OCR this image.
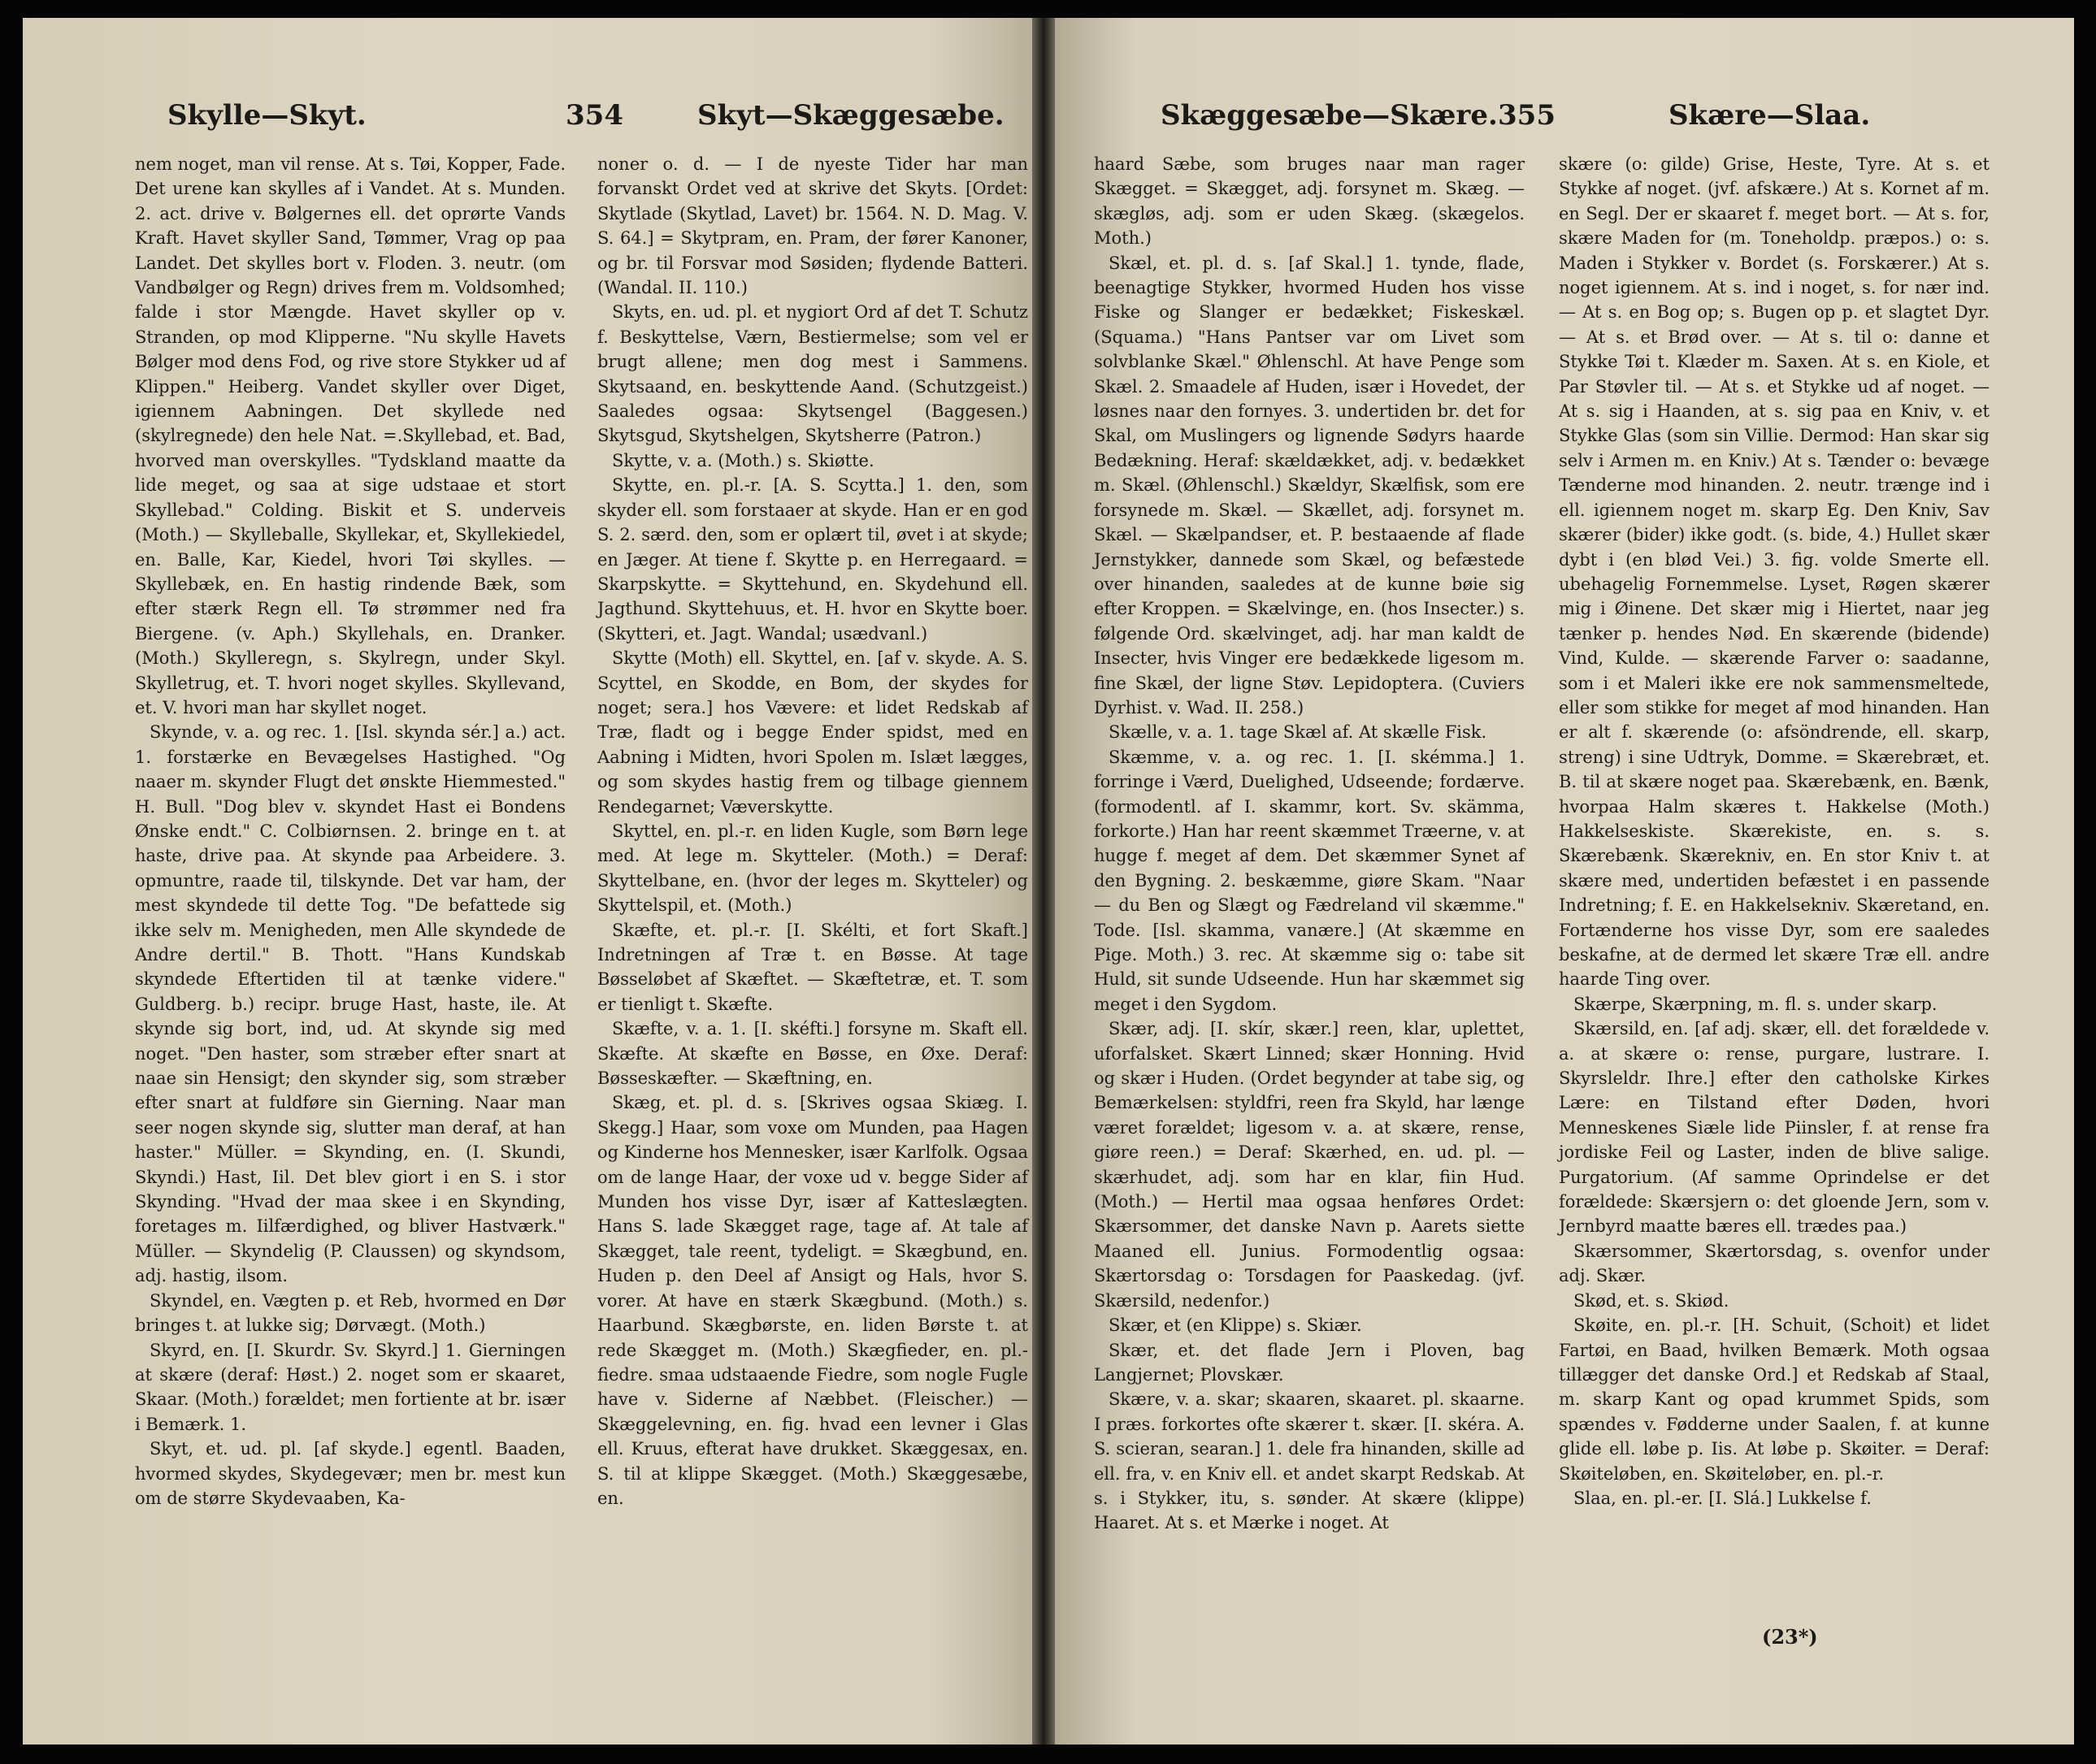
Skylle—Skyt.	354	Skyt—Skæggesæbe.

nem noget, man vil rense. At s. Tøi, Kopper, Fade. Det urene kan skylles af i Vandet. At s. Munden. 2. act. drive v. Bølgernes ell. det oprørte Vands Kraft. Havet skyller Sand, Tømmer, Vrag op paa Landet. Det skylles bort v. Floden. 3. neutr. (om Vandbølger og Regn) drives frem m. Voldsomhed; falde i stor Mængde. Havet skyller op v. Stranden, op mod Klipperne. "Nu skylle Havets Bølger mod dens Fod, og rive store Stykker ud af Klippen." Heiberg. Vandet skyller over Diget, igiennem Aabningen. Det skyllede ned (skylregnede) den hele Nat. =.Skyllebad, et. Bad, hvorved man overskylles. "Tydskland maatte da lide meget, og saa at sige udstaae et stort Skyllebad." Colding. Biskit et S. underveis (Moth.) — Skylleballe, Skyllekar, et, Skyllekiedel, en. Balle, Kar, Kiedel, hvori Tøi skylles. — Skyllebæk, en. En hastig rindende Bæk, som efter stærk Regn ell. Tø strømmer ned fra Biergene. (v. Aph.) Skyllehals, en. Dranker. (Moth.) Skylleregn, s. Skylregn, under Skyl. Skylletrug, et. T. hvori noget skylles. Skyllevand, et. V. hvori man har skyllet noget.

Skynde, v. a. og rec. 1. [Isl. skynda sér.] a.) act. 1. forstærke en Bevægelses Hastighed. "Og naaer m. skynder Flugt det ønskte Hiemmested." H. Bull. "Dog blev v. skyndet Hast ei Bondens Ønske endt." C. Colbiørnsen. 2. bringe en t. at haste, drive paa. At skynde paa Arbeidere. 3. opmuntre, raade til, tilskynde. Det var ham, der mest skyndede til dette Tog. "De befattede sig ikke selv m. Menigheden, men Alle skyndede de Andre dertil." B. Thott. "Hans Kundskab skyndede Eftertiden til at tænke videre." Guldberg. b.) recipr. bruge Hast, haste, ile. At skynde sig bort, ind, ud. At skynde sig med noget. "Den haster, som stræber efter snart at naae sin Hensigt; den skynder sig, som stræber efter snart at fuldføre sin Gierning. Naar man seer nogen skynde sig, slutter man deraf, at han haster." Müller. = Skynding, en. (I. Skundi, Skyndi.) Hast, Iil. Det blev giort i en S. i stor Skynding. "Hvad der maa skee i en Skynding, foretages m. Iilfærdighed, og bliver Hastværk." Müller. — Skyndelig (P. Claussen) og skyndsom, adj. hastig, ilsom.

Skyndel, en. Vægten p. et Reb, hvormed en Dør bringes t. at lukke sig; Dørvægt. (Moth.)

Skyrd, en. [I. Skurdr. Sv. Skyrd.] 1. Gierningen at skære (deraf: Høst.) 2. noget som er skaaret, Skaar. (Moth.) forældet; men fortiente at br. især i Bemærk. 1.

Skyt, et. ud. pl. [af skyde.] egentl. Baaden, hvormed skydes, Skydegevær; men br. mest kun om de større Skydevaaben, Ka-

noner o. d. — I de nyeste Tider har man forvanskt Ordet ved at skrive det Skyts. [Ordet: Skytlade (Skytlad, Lavet) br. 1564. N. D. Mag. V. S. 64.] = Skytpram, en. Pram, der fører Kanoner, og br. til Forsvar mod Søsiden; flydende Batteri. (Wandal. II. 110.)

Skyts, en. ud. pl. et nygiort Ord af det T. Schutz f. Beskyttelse, Værn, Bestiermelse; som vel er brugt allene; men dog mest i Sammens. Skytsaand, en. beskyttende Aand. (Schutzgeist.) Saaledes ogsaa: Skytsengel (Baggesen.) Skytsgud, Skytshelgen, Skytsherre (Patron.)

Skytte, v. a. (Moth.) s. Skiøtte.

Skytte, en. pl.-r. [A. S. Scytta.] 1. den, som skyder ell. som forstaaer at skyde. Han er en god S. 2. særd. den, som er oplært til, øvet i at skyde; en Jæger. At tiene f. Skytte p. en Herregaard. = Skarpskytte. = Skyttehund, en. Skydehund ell. Jagthund. Skyttehuus, et. H. hvor en Skytte boer. (Skytteri, et. Jagt. Wandal; usædvanl.)

Skytte (Moth) ell. Skyttel, en. [af v. skyde. A. S. Scyttel, en Skodde, en Bom, der skydes for noget; sera.] hos Vævere: et lidet Redskab af Træ, fladt og i begge Ender spidst, med en Aabning i Midten, hvori Spolen m. Islæt lægges, og som skydes hastig frem og tilbage giennem Rendegarnet; Væverskytte.

Skyttel, en. pl.-r. en liden Kugle, som Børn lege med. At lege m. Skytteler. (Moth.) = Deraf: Skyttelbane, en. (hvor der leges m. Skytteler) og Skyttelspil, et. (Moth.)

Skæfte, et. pl.-r. [I. Skélti, et fort Skaft.] Indretningen af Træ t. en Bøsse. At tage Bøsseløbet af Skæftet. — Skæftetræ, et. T. som er tienligt t. Skæfte.

Skæfte, v. a. 1. [I. skéfti.] forsyne m. Skaft ell. Skæfte. At skæfte en Bøsse, en Øxe. Deraf: Bøsseskæfter. — Skæftning, en.

Skæg, et. pl. d. s. [Skrives ogsaa Skiæg. I. Skegg.] Haar, som voxe om Munden, paa Hagen og Kinderne hos Mennesker, især Karlfolk. Ogsaa om de lange Haar, der voxe ud v. begge Sider af Munden hos visse Dyr, især af Katteslægten. Hans S. lade Skægget rage, tage af. At tale af Skægget, tale reent, tydeligt. = Skægbund, en. Huden p. den Deel af Ansigt og Hals, hvor S. vorer. At have en stærk Skægbund. (Moth.) s. Haarbund. Skægbørste, en. liden Børste t. at rede Skægget m. (Moth.) Skægfieder, en. pl.-fiedre. smaa udstaaende Fiedre, som nogle Fugle have v. Siderne af Næbbet. (Fleischer.) — Skæggelevning, en. fig. hvad een levner i Glas ell. Kruus, efterat have drukket. Skæggesax, en. S. til at klippe Skægget. (Moth.) Skæggesæbe, en.

Skæggesæbe—Skære. 355	Skære—Slaa.

haard Sæbe, som bruges naar man rager Skægget. = Skægget, adj. forsynet m. Skæg. — skægløs, adj. som er uden Skæg. (skægelos. Moth.)

Skæl, et. pl. d. s. [af Skal.] 1. tynde, flade, beenagtige Stykker, hvormed Huden hos visse Fiske og Slanger er bedækket; Fiskeskæl. (Squama.) "Hans Pantser var om Livet som solvblanke Skæl." Øhlenschl. At have Penge som Skæl. 2. Smaadele af Huden, især i Hovedet, der løsnes naar den fornyes. 3. undertiden br. det for Skal, om Muslingers og lignende Sødyrs haarde Bedækning. Heraf: skældækket, adj. v. bedækket m. Skæl. (Øhlenschl.) Skældyr, Skælfisk, som ere forsynede m. Skæl. — Skællet, adj. forsynet m. Skæl. — Skælpandser, et. P. bestaaende af flade Jernstykker, dannede som Skæl, og befæstede over hinanden, saaledes at de kunne bøie sig efter Kroppen. = Skælvinge, en. (hos Insecter.) s. følgende Ord. skælvinget, adj. har man kaldt de Insecter, hvis Vinger ere bedækkede ligesom m. fine Skæl, der ligne Støv. Lepidoptera. (Cuviers Dyrhist. v. Wad. II. 258.)

Skælle, v. a. 1. tage Skæl af. At skælle Fisk.

Skæmme, v. a. og rec. 1. [I. skémma.] 1. forringe i Værd, Duelighed, Udseende; fordærve. (formodentl. af I. skammr, kort. Sv. skämma, forkorte.) Han har reent skæmmet Træerne, v. at hugge f. meget af dem. Det skæmmer Synet af den Bygning. 2. beskæmme, giøre Skam. "Naar — du Ben og Slægt og Fædreland vil skæmme." Tode. [Isl. skamma, vanære.] (At skæmme en Pige. Moth.) 3. rec. At skæmme sig o: tabe sit Huld, sit sunde Udseende. Hun har skæmmet sig meget i den Sygdom.

Skær, adj. [I. skír, skær.] reen, klar, uplettet, uforfalsket. Skært Linned; skær Honning. Hvid og skær i Huden. (Ordet begynder at tabe sig, og Bemærkelsen: styldfri, reen fra Skyld, har længe været forældet; ligesom v. a. at skære, rense, giøre reen.) = Deraf: Skærhed, en. ud. pl. — skærhudet, adj. som har en klar, fiin Hud. (Moth.) — Hertil maa ogsaa henføres Ordet: Skærsommer, det danske Navn p. Aarets siette Maaned ell. Junius. Formodentlig ogsaa: Skærtorsdag o: Torsdagen for Paaskedag. (jvf. Skærsild, nedenfor.)

Skær, et (en Klippe) s. Skiær.

Skær, et. det flade Jern i Ploven, bag Langjernet; Plovskær.

Skære, v. a. skar; skaaren, skaaret. pl. skaarne. I præs. forkortes ofte skærer t. skær. [I. skéra. A. S. scieran, searan.] 1. dele fra hinanden, skille ad ell. fra, v. en Kniv ell. et andet skarpt Redskab. At s. i Stykker, itu, s. sønder. At skære (klippe) Haaret. At s. et Mærke i noget. At

skære (o: gilde) Grise, Heste, Tyre. At s. et Stykke af noget. (jvf. afskære.) At s. Kornet af m. en Segl. Der er skaaret f. meget bort. — At s. for, skære Maden for (m. Toneholdp. præpos.) o: s. Maden i Stykker v. Bordet (s. Forskærer.) At s. noget igiennem. At s. ind i noget, s. for nær ind. — At s. en Bog op; s. Bugen op p. et slagtet Dyr. — At s. et Brød over. — At s. til o: danne et Stykke Tøi t. Klæder m. Saxen. At s. en Kiole, et Par Støvler til. — At s. et Stykke ud af noget. — At s. sig i Haanden, at s. sig paa en Kniv, v. et Stykke Glas (som sin Villie. Dermod: Han skar sig selv i Armen m. en Kniv.) At s. Tænder o: bevæge Tænderne mod hinanden. 2. neutr. trænge ind i ell. igiennem noget m. skarp Eg. Den Kniv, Sav skærer (bider) ikke godt. (s. bide, 4.) Hullet skær dybt i (en blød Vei.) 3. fig. volde Smerte ell. ubehagelig Fornemmelse. Lyset, Røgen skærer mig i Øinene. Det skær mig i Hiertet, naar jeg tænker p. hendes Nød. En skærende (bidende) Vind, Kulde. — skærende Farver o: saadanne, som i et Maleri ikke ere nok sammensmeltede, eller som stikke for meget af mod hinanden. Han er alt f. skærende (o: afsöndrende, ell. skarp, streng) i sine Udtryk, Domme. = Skærebræt, et. B. til at skære noget paa. Skærebænk, en. Bænk, hvorpaa Halm skæres t. Hakkelse (Moth.) Hakkelseskiste. Skærekiste, en. s. s. Skærebænk. Skærekniv, en. En stor Kniv t. at skære med, undertiden befæstet i en passende Indretning; f. E. en Hakkelsekniv. Skæretand, en. Fortænderne hos visse Dyr, som ere saaledes beskafne, at de dermed let skære Træ ell. andre haarde Ting over.

Skærpe, Skærpning, m. fl. s. under skarp.

Skærsild, en. [af adj. skær, ell. det forældede v. a. at skære o: rense, purgare, lustrare. I. Skyrsleldr. Ihre.] efter den catholske Kirkes Lære: en Tilstand efter Døden, hvori Menneskenes Siæle lide Piinsler, f. at rense fra jordiske Feil og Laster, inden de blive salige. Purgatorium. (Af samme Oprindelse er det forældede: Skærsjern o: det gloende Jern, som v. Jernbyrd maatte bæres ell. trædes paa.)

Skærsommer, Skærtorsdag, s. ovenfor under adj. Skær.

Skød, et. s. Skiød.

Skøite, en. pl.-r. [H. Schuit, (Schoit) et lidet Fartøi, en Baad, hvilken Bemærk. Moth ogsaa tillægger det danske Ord.] et Redskab af Staal, m. skarp Kant og opad krummet Spids, som spændes v. Fødderne under Saalen, f. at kunne glide ell. løbe p. Iis. At løbe p. Skøiter. = Deraf: Skøiteløben, en. Skøiteløber, en. pl.-r.

Slaa, en. pl.-er. [I. Slá.] Lukkelse f.

(23*)
